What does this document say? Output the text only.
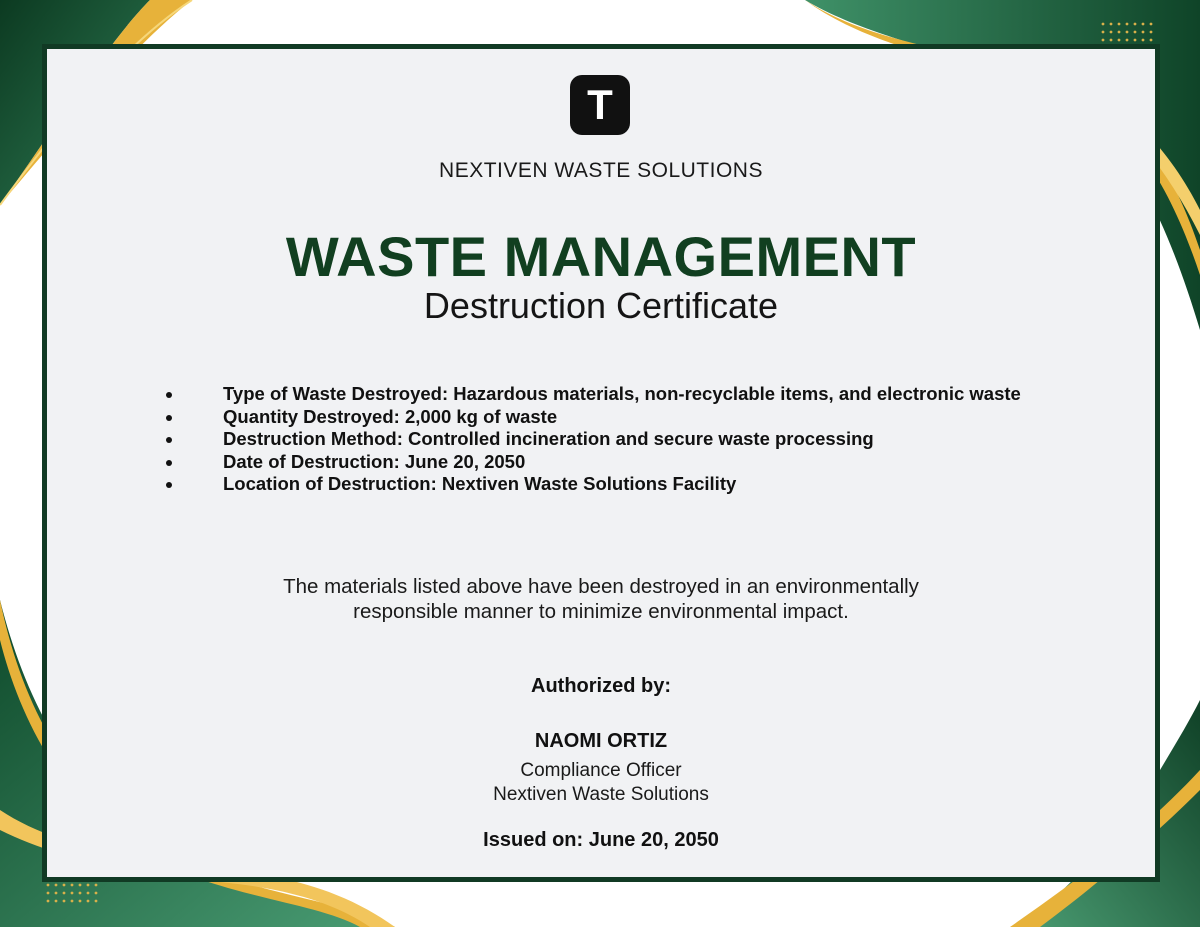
T
NEXTIVEN WASTE SOLUTIONS
WASTE MANAGEMENT
Destruction Certificate
Type of Waste Destroyed: Hazardous materials, non-recyclable items, and electronic waste
Quantity Destroyed: 2,000 kg of waste
Destruction Method: Controlled incineration and secure waste processing
Date of Destruction: June 20, 2050
Location of Destruction: Nextiven Waste Solutions Facility
The materials listed above have been destroyed in an environmentally
responsible manner to minimize environmental impact.
Authorized by:
NAOMI ORTIZ
Compliance Officer
Nextiven Waste Solutions
Issued on: June 20, 2050
